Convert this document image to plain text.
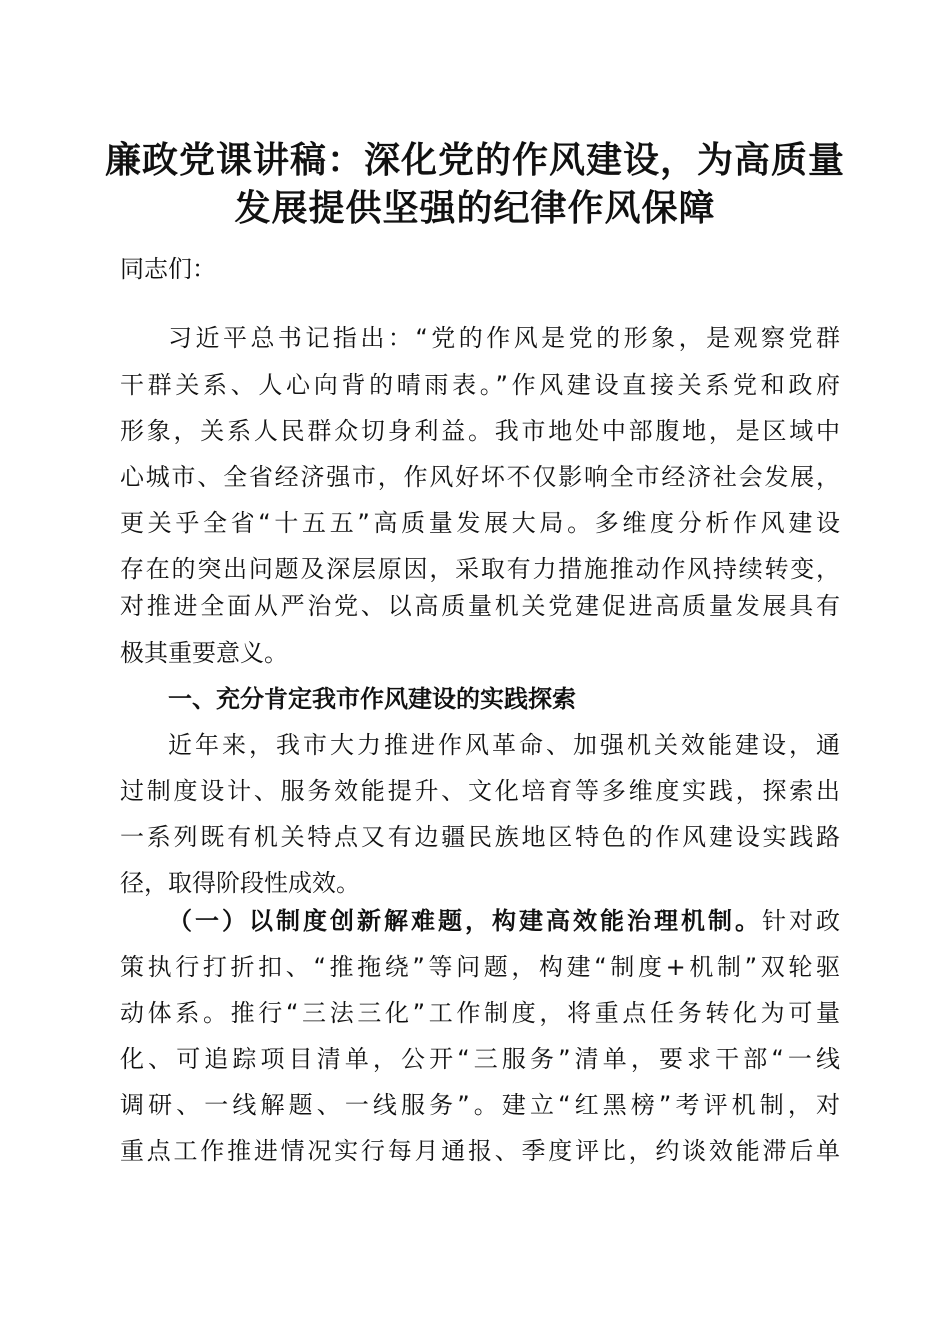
廉政党课讲稿：深化党的作风建设，为高质量
发展提供坚强的纪律作风保障
同志们：
习近平总书记指出：“党的作风是党的形象，是观察党群
干群关系、人心向背的晴雨表。”作风建设直接关系党和政府
形象，关系人民群众切身利益。我市地处中部腹地，是区域中
心城市、全省经济强市，作风好坏不仅影响全市经济社会发展，
更关乎全省“十五五”高质量发展大局。多维度分析作风建设
存在的突出问题及深层原因，采取有力措施推动作风持续转变，
对推进全面从严治党、以高质量机关党建促进高质量发展具有
极其重要意义。
一、充分肯定我市作风建设的实践探索
近年来，我市大力推进作风革命、加强机关效能建设，通
过制度设计、服务效能提升、文化培育等多维度实践，探索出
一系列既有机关特点又有边疆民族地区特色的作风建设实践路
径，取得阶段性成效。
（一）以制度创新解难题，构建高效能治理机制。针对政
策执行打折扣、“推拖绕”等问题，构建“制度+机制”双轮驱
动体系。推行“三法三化”工作制度，将重点任务转化为可量
化、可追踪项目清单，公开“三服务”清单，要求干部“一线
调研、一线解题、一线服务”。建立“红黑榜”考评机制，对
重点工作推进情况实行每月通报、季度评比，约谈效能滞后单
